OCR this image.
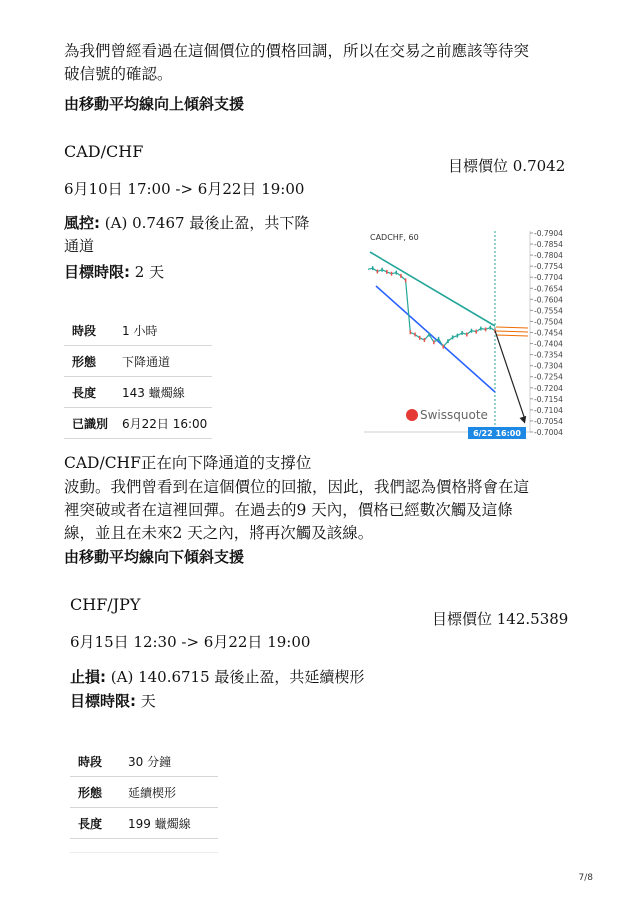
為我們曾經看過在這個價位的價格回調，所以在交易之前應該等待突
破信號的確認。
由移動平均線向上傾斜支援
CAD/CHF
目標價位 0.7042
6月10日 17:00 -> 6月22日 19:00
風控: (A) 0.7467 最後止盈，共下降
通道
目標時限: 2 天
時段	1 小時
形態	下降通道
長度	143 蠟燭線
已識別	6月22日 16:00
-0.7904
-0.7854
-0.7804
-0.7754
-0.7704
-0.7654
-0.7604
-0.7554
-0.7504
-0.7454
-0.7404
-0.7354
-0.7304
-0.7254
-0.7204
-0.7154
-0.7104
-0.7054
-0.7004
CADCHF, 60
Swissquote
6/22 16:00
CAD/CHF正在向下降通道的支撐位
波動。我們曾看到在這個價位的回撤，因此，我們認為價格將會在這
裡突破或者在這裡回彈。在過去的9 天內，價格已經數次觸及這條
線，並且在未來2 天之內，將再次觸及該線。
由移動平均線向下傾斜支援
CHF/JPY
目標價位 142.5389
6月15日 12:30 -> 6月22日 19:00
止損: (A) 140.6715 最後止盈，共延續楔形
目標時限: 天
時段	30 分鐘
形態	延續楔形
長度	199 蠟燭線
7/8
